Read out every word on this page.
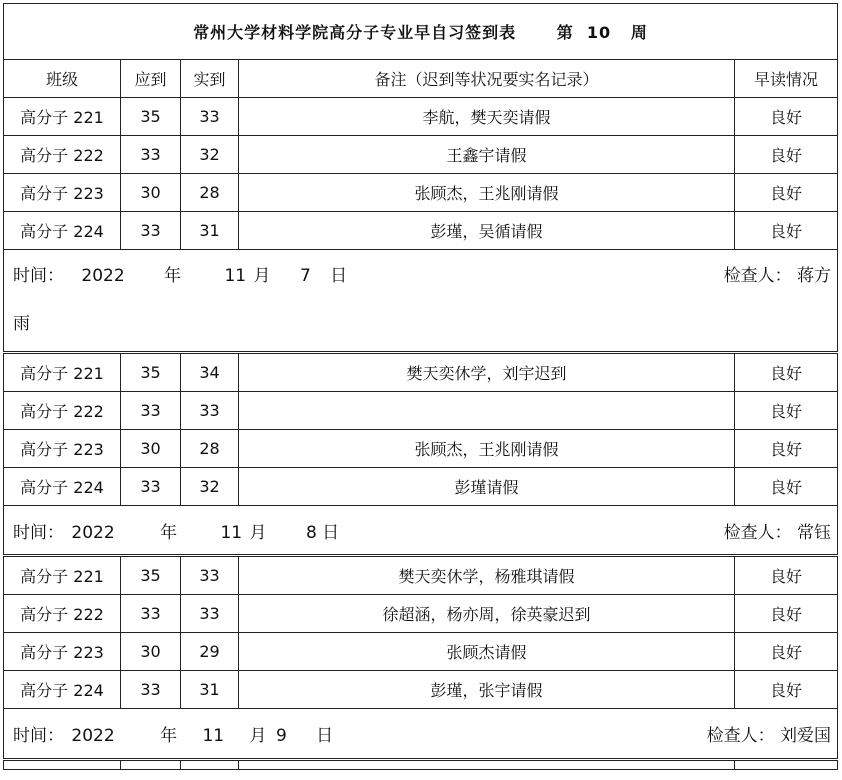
常州大学材料学院高分子专业早自习签到表 第  10   周				
班级	应到	实到	备注（迟到等状况要实名记录）	早读情况
高分子 221	35	33	李航，樊天奕请假	良好
高分子 222	33	32	王鑫宇请假	良好
高分子 223	30	28	张顾杰，王兆刚请假	良好
高分子 224	33	31	彭瑾，吴循请假	良好

时间： 2022 年 11 月 7 日 检查人： 蒋方
雨				

高分子 221	35	34	樊天奕休学，刘宇迟到	良好
高分子 222	33	33		良好
高分子 223	30	28	张顾杰，王兆刚请假	良好
高分子 224	33	32	彭瑾请假	良好

时间： 2022 年 11 月 8 日 检查人： 常钰				

高分子 221	35	33	樊天奕休学，杨雅琪请假	良好
高分子 222	33	33	徐超涵，杨亦周，徐英豪迟到	良好
高分子 223	30	29	张顾杰请假	良好
高分子 224	33	31	彭瑾，张宇请假	良好

时间： 2022 年 11 月 9 日 检查人： 刘爱国				
